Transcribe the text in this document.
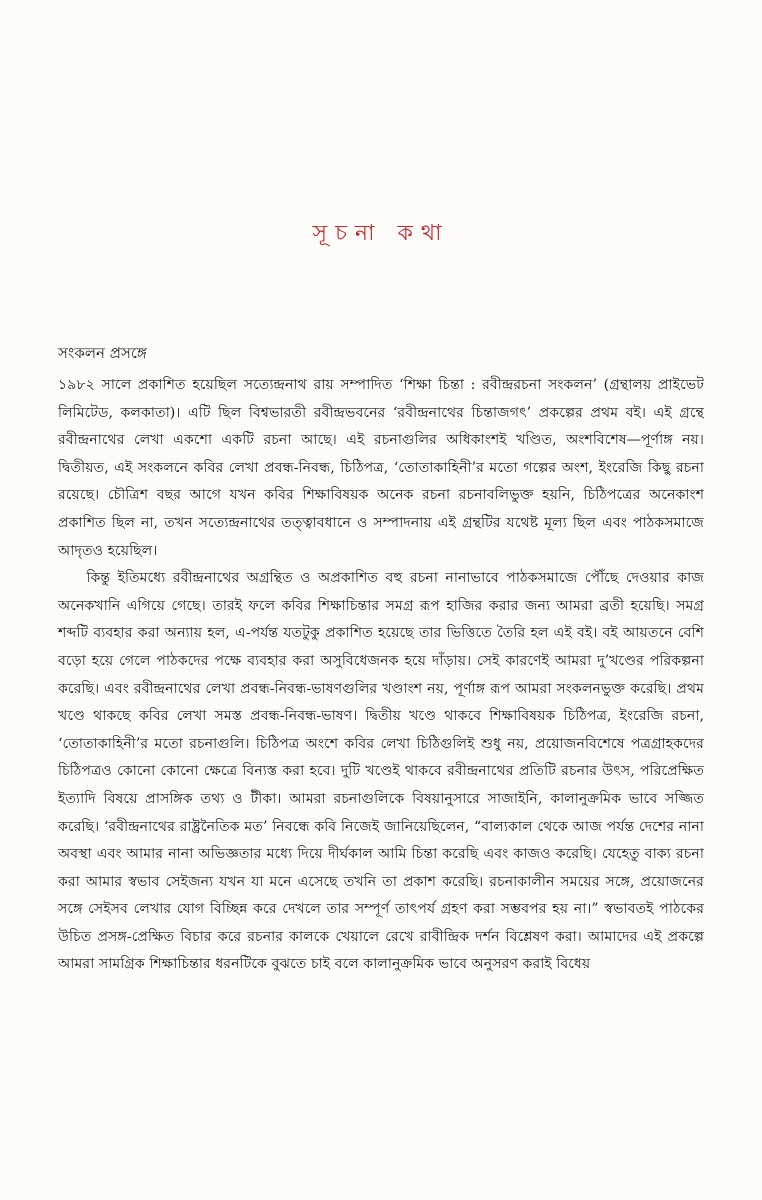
সূচনা কথা
সংকলন প্রসঙ্গে

১৯৮২ সালে প্রকাশিত হয়েছিল সত্যেন্দ্রনাথ রায় সম্পাদিত ‘শিক্ষা চিন্তা : রবীন্দ্ররচনা সংকলন’ (গ্রন্থালয় প্রাইভেট লিমিটেড, কলকাতা)। এটি ছিল বিশ্বভারতী রবীন্দ্রভবনের ‘রবীন্দ্রনাথের চিন্তাজগৎ’ প্রকল্পের প্রথম বই। এই গ্রন্থে রবীন্দ্রনাথের লেখা একশো একটি রচনা আছে। এই রচনাগুলির অধিকাংশই খণ্ডিত, অংশবিশেষ—পূর্ণাঙ্গ নয়। দ্বিতীয়ত, এই সংকলনে কবির লেখা প্রবন্ধ-নিবন্ধ, চিঠিপত্র, ‘তোতাকাহিনী’র মতো গল্পের অংশ, ইংরেজি কিছু রচনা রয়েছে। চৌত্রিশ বছর আগে যখন কবির শিক্ষাবিষয়ক অনেক রচনা রচনাবলিভুক্ত হয়নি, চিঠিপত্রের অনেকাংশ প্রকাশিত ছিল না, তখন সত্যেন্দ্রনাথের তত্ত্বাবধানে ও সম্পাদনায় এই গ্রন্থটির যথেষ্ট মূল্য ছিল এবং পাঠকসমাজে আদৃতও হয়েছিল।

কিন্তু ইতিমধ্যে রবীন্দ্রনাথের অগ্রন্থিত ও অপ্রকাশিত বহু রচনা নানাভাবে পাঠকসমাজে পৌঁছে দেওয়ার কাজ অনেকখানি এগিয়ে গেছে। তারই ফলে কবির শিক্ষাচিন্তার সমগ্র রূপ হাজির করার জন্য আমরা ব্রতী হয়েছি। সমগ্র শব্দটি ব্যবহার করা অন্যায় হল, এ-পর্যন্ত যতটুকু প্রকাশিত হয়েছে তার ভিত্তিতে তৈরি হল এই বই। বই আয়তনে বেশি বড়ো হয়ে গেলে পাঠকদের পক্ষে ব্যবহার করা অসুবিধেজনক হয়ে দাঁড়ায়। সেই কারণেই আমরা দু’খণ্ডের পরিকল্পনা করেছি। এবং রবীন্দ্রনাথের লেখা প্রবন্ধ-নিবন্ধ-ভাষণগুলির খণ্ডাংশ নয়, পূর্ণাঙ্গ রূপ আমরা সংকলনভুক্ত করেছি। প্রথম খণ্ডে থাকছে কবির লেখা সমস্ত প্রবন্ধ-নিবন্ধ-ভাষণ। দ্বিতীয় খণ্ডে থাকবে শিক্ষাবিষয়ক চিঠিপত্র, ইংরেজি রচনা, ‘তোতাকাহিনী’র মতো রচনাগুলি। চিঠিপত্র অংশে কবির লেখা চিঠিগুলিই শুধু নয়, প্রয়োজনবিশেষে পত্রগ্রাহকদের চিঠিপত্রও কোনো কোনো ক্ষেত্রে বিন্যস্ত করা হবে। দুটি খণ্ডেই থাকবে রবীন্দ্রনাথের প্রতিটি রচনার উৎস, পরিপ্রেক্ষিত ইত্যাদি বিষয়ে প্রাসঙ্গিক তথ্য ও টীকা। আমরা রচনাগুলিকে বিষয়ানুসারে সাজাইনি, কালানুক্রমিক ভাবে সজ্জিত করেছি। ‘রবীন্দ্রনাথের রাষ্ট্রনৈতিক মত’ নিবন্ধে কবি নিজেই জানিয়েছিলেন, “বাল্যকাল থেকে আজ পর্যন্ত দেশের নানা অবস্থা এবং আমার নানা অভিজ্ঞতার মধ্যে দিয়ে দীর্ঘকাল আমি চিন্তা করেছি এবং কাজও করেছি। যেহেতু বাক্য রচনা করা আমার স্বভাব সেইজন্য যখন যা মনে এসেছে তখনি তা প্রকাশ করেছি। রচনাকালীন সময়ের সঙ্গে, প্রয়োজনের সঙ্গে সেইসব লেখার যোগ বিচ্ছিন্ন করে দেখলে তার সম্পূর্ণ তাৎপর্য গ্রহণ করা সম্ভবপর হয় না।” স্বভাবতই পাঠকের উচিত প্রসঙ্গ-প্রেক্ষিত বিচার করে রচনার কালকে খেয়ালে রেখে রাবীন্দ্রিক দর্শন বিশ্লেষণ করা। আমাদের এই প্রকল্পে আমরা সামগ্রিক শিক্ষাচিন্তার ধরনটিকে বুঝতে চাই বলে কালানুক্রমিক ভাবে অনুসরণ করাই বিধেয়
